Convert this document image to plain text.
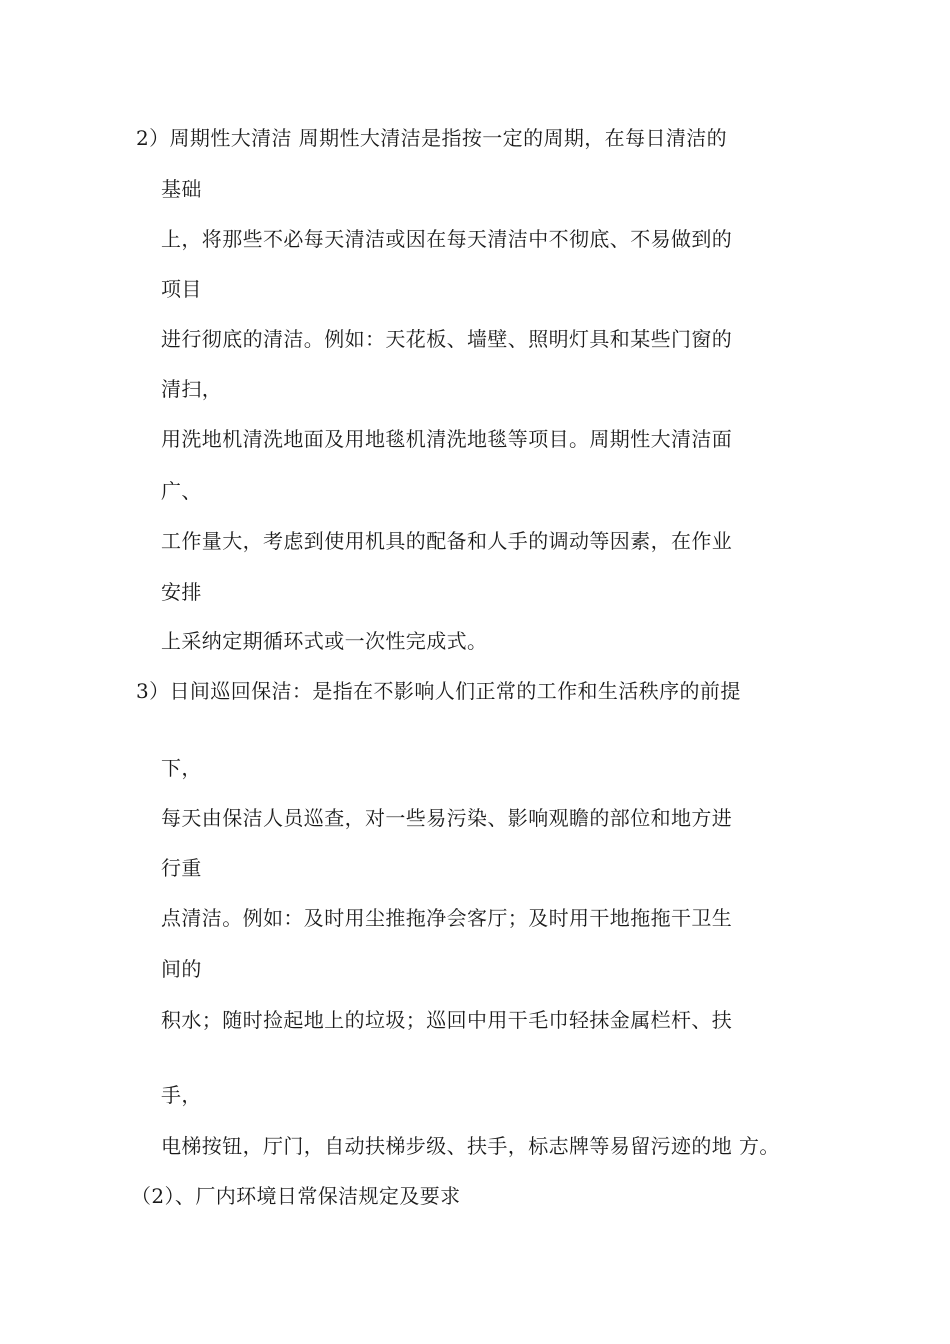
2）周期性大清洁 周期性大清洁是指按一定的周期，在每日清洁的
基础
上，将那些不必每天清洁或因在每天清洁中不彻底、不易做到的
项目
进行彻底的清洁。例如：天花板、墙壁、照明灯具和某些门窗的
清扫，
用洗地机清洗地面及用地毯机清洗地毯等项目。周期性大清洁面
广、
工作量大，考虑到使用机具的配备和人手的调动等因素，在作业
安排
上采纳定期循环式或一次性完成式。
3）日间巡回保洁：是指在不影响人们正常的工作和生活秩序的前提
下，
每天由保洁人员巡查，对一些易污染、影响观瞻的部位和地方进
行重
点清洁。例如：及时用尘推拖净会客厅；及时用干地拖拖干卫生
间的
积水；随时捡起地上的垃圾；巡回中用干毛巾轻抹金属栏杆、扶
手，
电梯按钮，厅门，自动扶梯步级、扶手，标志牌等易留污迹的地 方。
（2）、厂内环境日常保洁规定及要求
